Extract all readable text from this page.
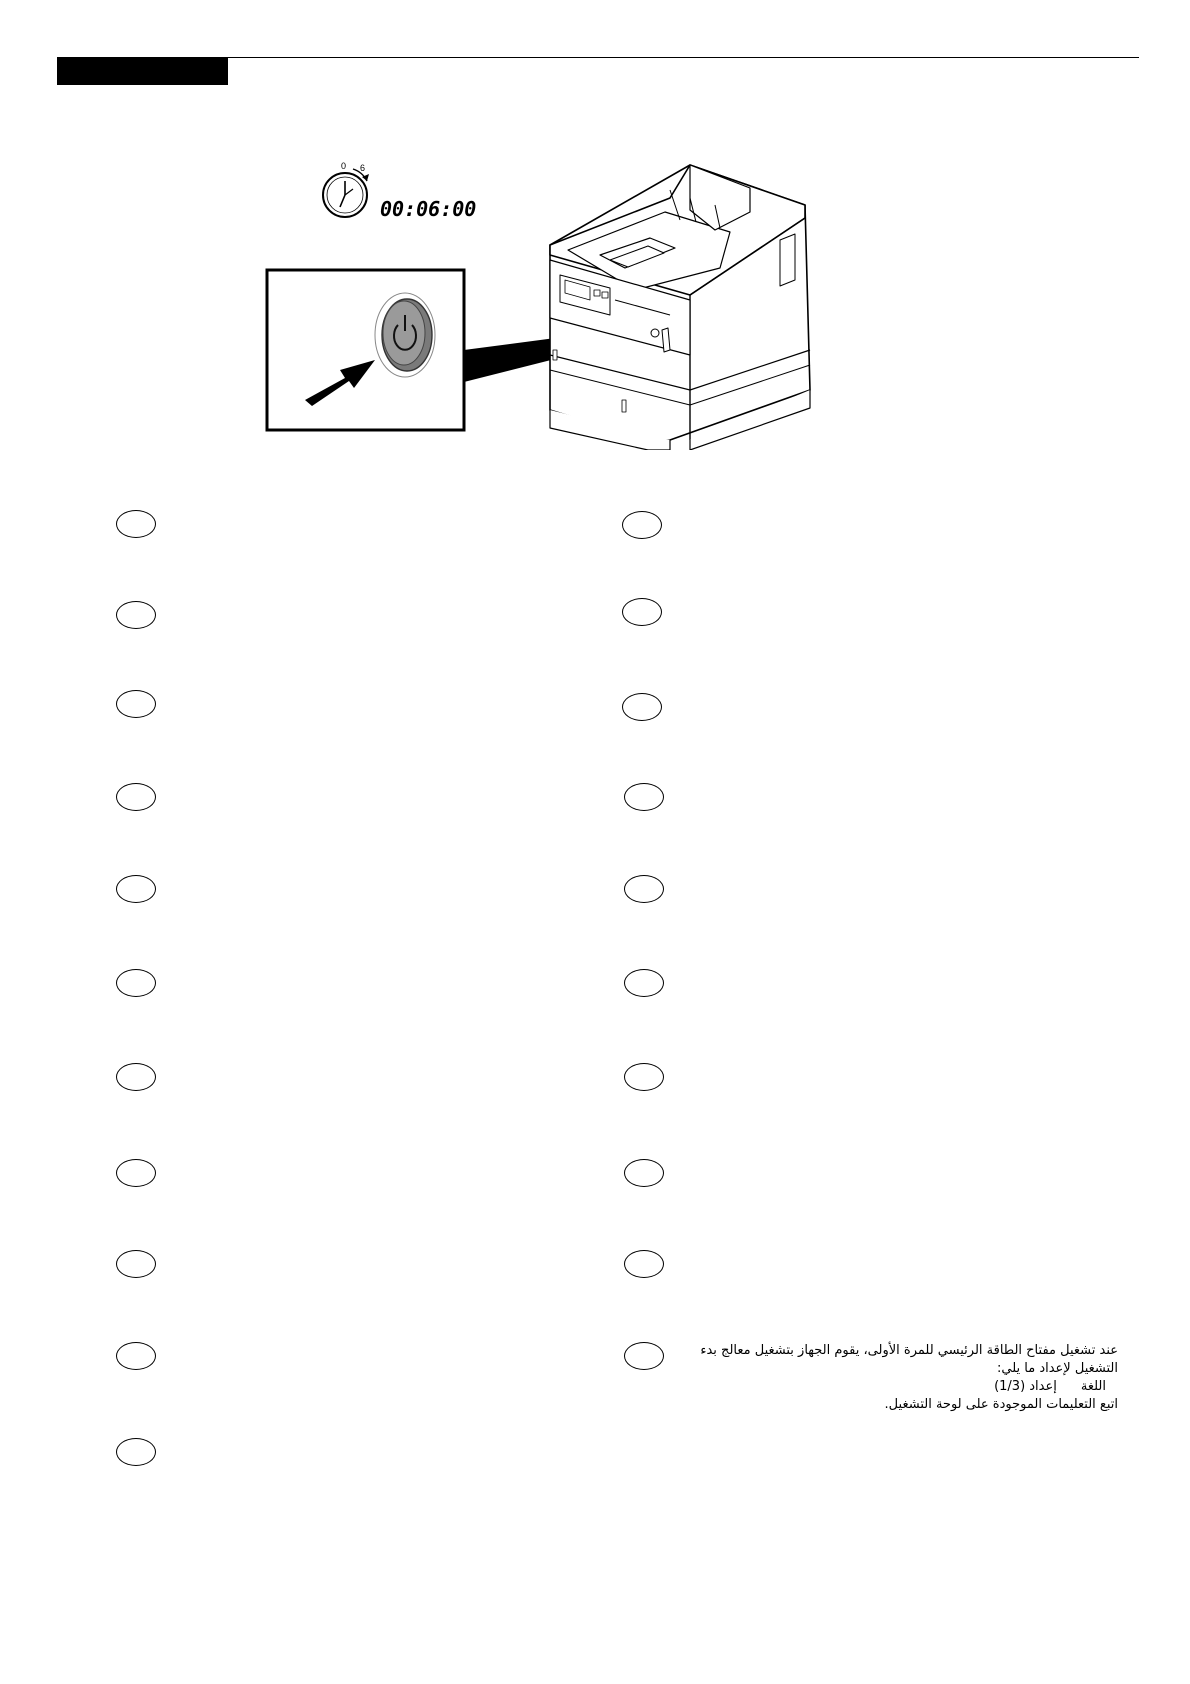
0 6
00:06:00
عند تشغيل مفتاح الطاقة الرئيسي للمرة الأولى، يقوم الجهاز بتشغيل معالج بدء
التشغيل لإعداد ما يلي:
اللغةإعداد (1/3)
اتبع التعليمات الموجودة على لوحة التشغيل.
